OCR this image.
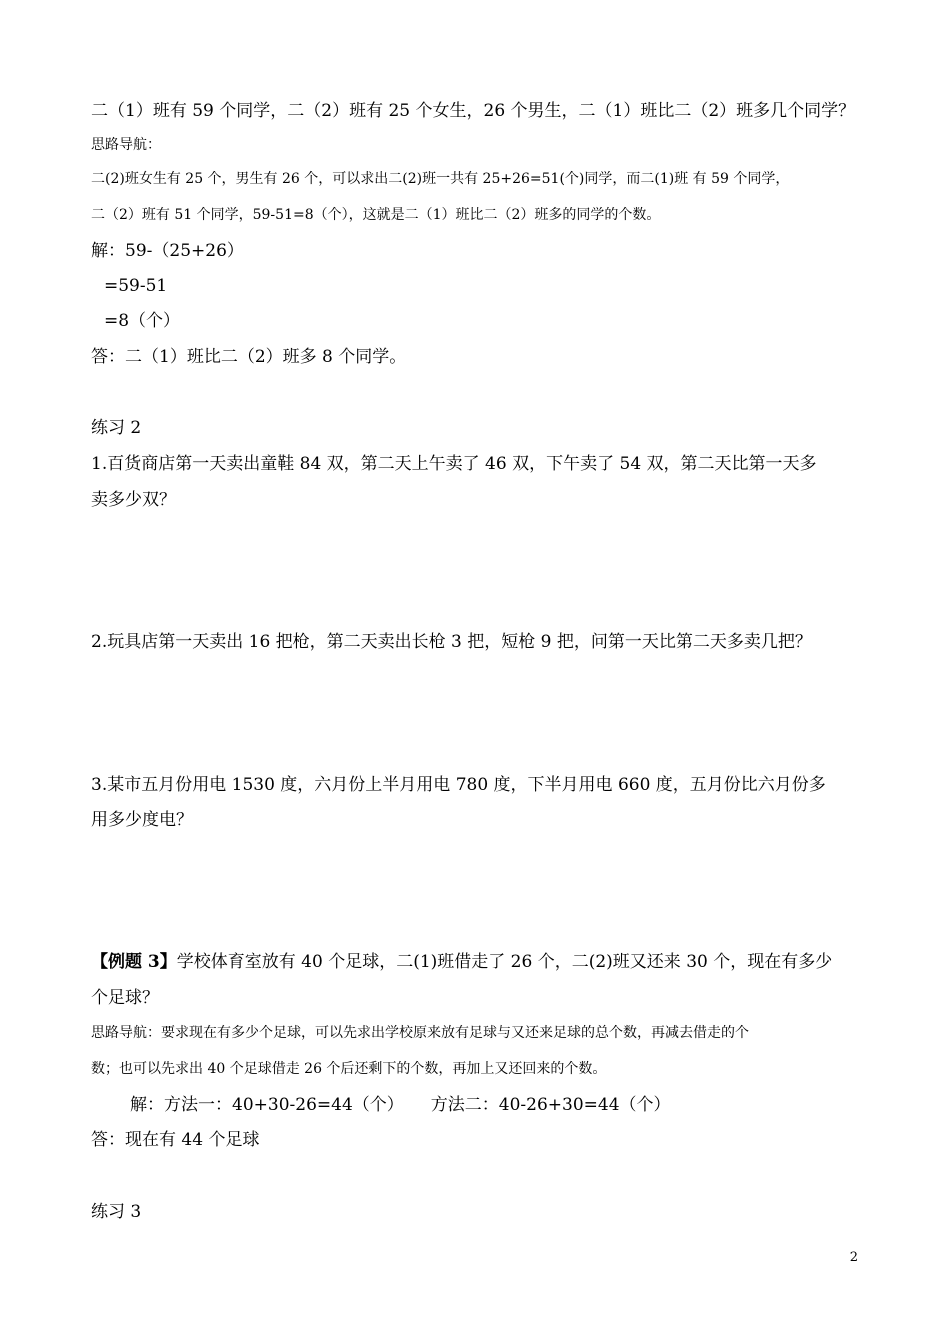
二（1）班有 59 个同学，二（2）班有 25 个女生，26 个男生，二（1）班比二（2）班多几个同学？
思路导航：
二(2)班女生有 25 个，男生有 26 个，可以求出二(2)班一共有 25+26=51(个)同学，而二(1)班 有 59 个同学，
二（2）班有 51 个同学，59-51=8（个），这就是二（1）班比二（2）班多的同学的个数。
解：59-（25+26）
=59-51
=8（个）
答：二（1）班比二（2）班多 8 个同学。
练习 2
1.百货商店第一天卖出童鞋 84 双，第二天上午卖了 46 双，下午卖了 54 双，第二天比第一天多
卖多少双？
2.玩具店第一天卖出 16 把枪，第二天卖出长枪 3 把，短枪 9 把，问第一天比第二天多卖几把？
3.某市五月份用电 1530 度，六月份上半月用电 780 度，下半月用电 660 度，五月份比六月份多
用多少度电？
【例题 3】学校体育室放有 40 个足球，二(1)班借走了 26 个，二(2)班又还来 30 个，现在有多少
个足球？
思路导航：要求现在有多少个足球，可以先求出学校原来放有足球与又还来足球的总个数，再减去借走的个
数；也可以先求出 40 个足球借走 26 个后还剩下的个数，再加上又还回来的个数。
解：方法一：40+30-26=44（个）     方法二：40-26+30=44（个）
答：现在有 44 个足球
练习 3
2
